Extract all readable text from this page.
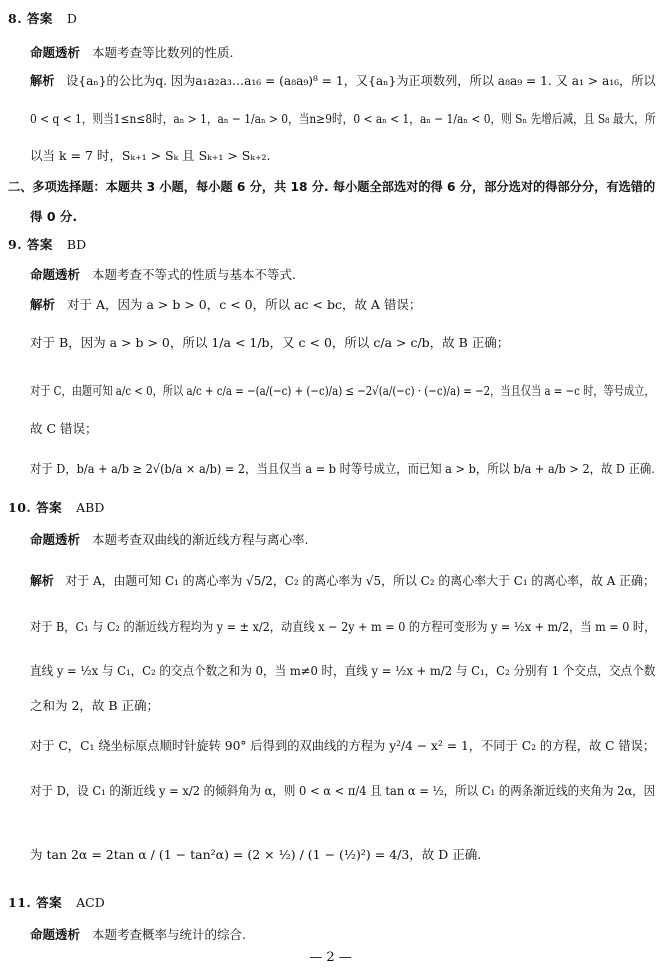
8. 答案 D
命题透析 本题考查等比数列的性质.
解析 设{aₙ}的公比为q. 因为a₁a₂a₃…a₁₆ = (a₈a₉)⁸ = 1，又{aₙ}为正项数列，所以 a₈a₉ = 1. 又 a₁ > a₁₆，所以
0 < q < 1，则当1≤n≤8时，aₙ > 1，aₙ − 1/aₙ > 0，当n≥9时，0 < aₙ < 1，aₙ − 1/aₙ < 0，则 Sₙ 先增后减，且 S₈ 最大，所
以当 k = 7 时，Sₖ₊₁ > Sₖ 且 Sₖ₊₁ > Sₖ₊₂.
二、多项选择题：本题共 3 小题，每小题 6 分，共 18 分. 每小题全部选对的得 6 分，部分选对的得部分分，有选错的
得 0 分.
9. 答案 BD
命题透析 本题考查不等式的性质与基本不等式.
解析 对于 A，因为 a > b > 0，c < 0，所以 ac < bc，故 A 错误；
对于 B，因为 a > b > 0，所以 1/a < 1/b，又 c < 0，所以 c/a > c/b，故 B 正确；
对于 C，由题可知 a/c < 0，所以 a/c + c/a = −(a/(−c) + (−c)/a) ≤ −2√(a/(−c) · (−c)/a) = −2，当且仅当 a = −c 时，等号成立，
故 C 错误；
对于 D，b/a + a/b ≥ 2√(b/a × a/b) = 2，当且仅当 a = b 时等号成立，而已知 a > b，所以 b/a + a/b > 2，故 D 正确.
10. 答案 ABD
命题透析 本题考查双曲线的渐近线方程与离心率.
解析 对于 A，由题可知 C₁ 的离心率为 √5/2，C₂ 的离心率为 √5，所以 C₂ 的离心率大于 C₁ 的离心率，故 A 正确；
对于 B，C₁ 与 C₂ 的渐近线方程均为 y = ± x/2，动直线 x − 2y + m = 0 的方程可变形为 y = ½x + m/2，当 m = 0 时，
直线 y = ½x 与 C₁，C₂ 的交点个数之和为 0，当 m≠0 时，直线 y = ½x + m/2 与 C₁，C₂ 分别有 1 个交点，交点个数
之和为 2，故 B 正确；
对于 C，C₁ 绕坐标原点顺时针旋转 90° 后得到的双曲线的方程为 y²/4 − x² = 1，不同于 C₂ 的方程，故 C 错误；
对于 D，设 C₁ 的渐近线 y = x/2 的倾斜角为 α，则 0 < α < π/4 且 tan α = ½，所以 C₁ 的两条渐近线的夹角为 2α，因
为 tan 2α = 2tan α / (1 − tan²α) = (2 × ½) / (1 − (½)²) = 4/3，故 D 正确.
11. 答案 ACD
命题透析 本题考查概率与统计的综合.
— 2 —
